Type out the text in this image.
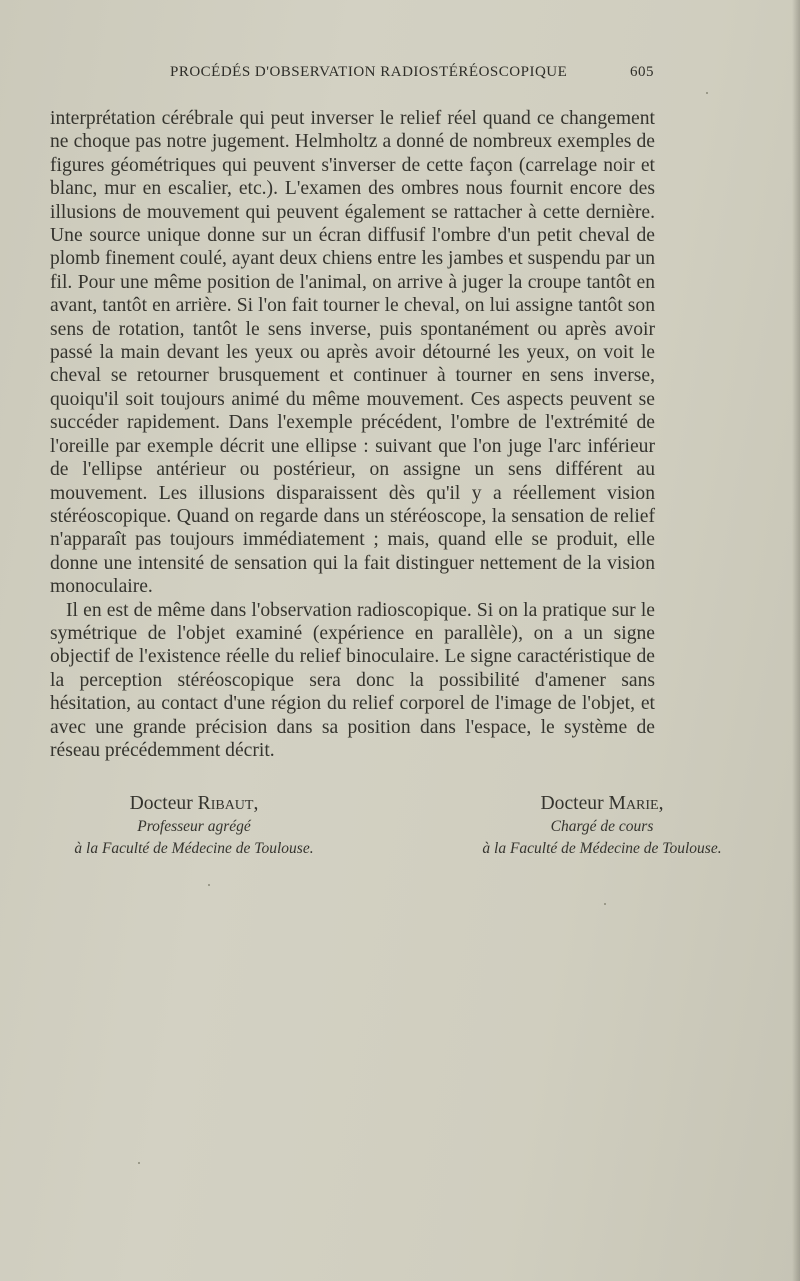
PROCÉDÉS D'OBSERVATION RADIOSTÉRÉOSCOPIQUE	605

interprétation cérébrale qui peut inverser le relief réel quand ce changement ne choque pas notre jugement. Helmholtz a donné de nombreux exemples de figures géométriques qui peuvent s'inverser de cette façon (carrelage noir et blanc, mur en escalier, etc.). L'examen des ombres nous fournit encore des illusions de mouvement qui peuvent également se rattacher à cette dernière. Une source unique donne sur un écran diffusif l'ombre d'un petit cheval de plomb finement coulé, ayant deux chiens entre les jambes et suspendu par un fil. Pour une même position de l'animal, on arrive à juger la croupe tantôt en avant, tantôt en arrière. Si l'on fait tourner le cheval, on lui assigne tantôt son sens de rotation, tantôt le sens inverse, puis spontanément ou après avoir passé la main devant les yeux ou après avoir détourné les yeux, on voit le cheval se retourner brusquement et continuer à tourner en sens inverse, quoiqu'il soit toujours animé du même mouvement. Ces aspects peuvent se succéder rapidement. Dans l'exemple précédent, l'ombre de l'extrémité de l'oreille par exemple décrit une ellipse : suivant que l'on juge l'arc inférieur de l'ellipse antérieur ou postérieur, on assigne un sens différent au mouvement. Les illusions disparaissent dès qu'il y a réellement vision stéréoscopique. Quand on regarde dans un stéréoscope, la sensation de relief n'apparaît pas toujours immédiatement ; mais, quand elle se produit, elle donne une intensité de sensation qui la fait distinguer nettement de la vision monoculaire.

Il en est de même dans l'observation radioscopique. Si on la pratique sur le symétrique de l'objet examiné (expérience en parallèle), on a un signe objectif de l'existence réelle du relief binoculaire. Le signe caractéristique de la perception stéréoscopique sera donc la possibilité d'amener sans hésitation, au contact d'une région du relief corporel de l'image de l'objet, et avec une grande précision dans sa position dans l'espace, le système de réseau précédemment décrit.

Docteur Ribaut,
Professeur agrégé
à la Faculté de Médecine de Toulouse.
Docteur Marie,
Chargé de cours
à la Faculté de Médecine de Toulouse.
